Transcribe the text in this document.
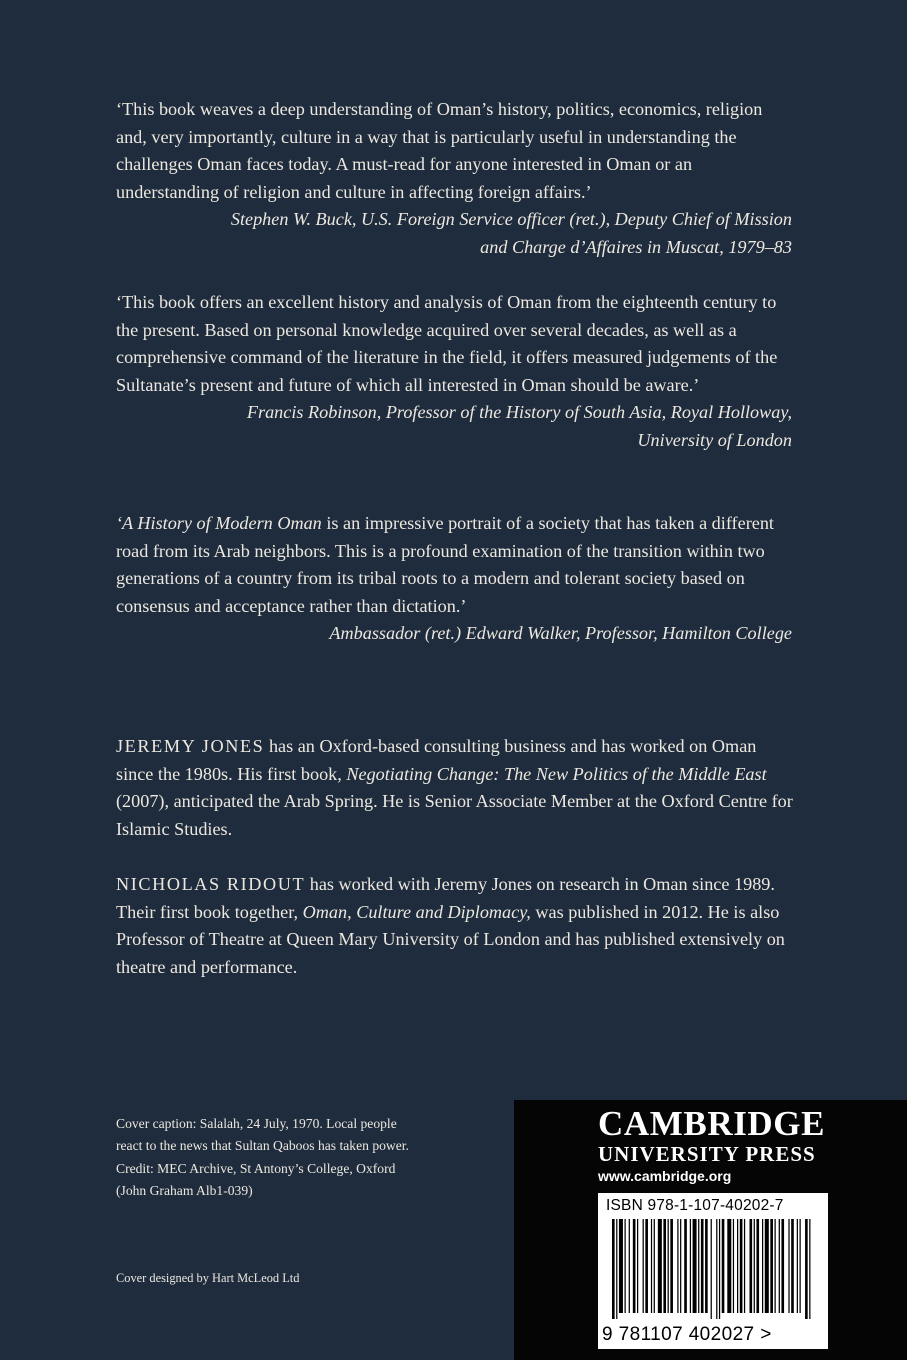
‘This book weaves a deep understanding of Oman’s history, politics, economics, religion and, very importantly, culture in a way that is particularly useful in understanding the challenges Oman faces today. A must-read for anyone interested in Oman or an understanding of religion and culture in affecting foreign affairs.’
Stephen W. Buck, U.S. Foreign Service officer (ret.), Deputy Chief of Mission
and Charge d’Affaires in Muscat, 1979–83
‘This book offers an excellent history and analysis of Oman from the eighteenth century to the present. Based on personal knowledge acquired over several decades, as well as a comprehensive command of the literature in the field, it offers measured judgements of the Sultanate’s present and future of which all interested in Oman should be aware.’
Francis Robinson, Professor of the History of South Asia, Royal Holloway,
University of London
‘A History of Modern Oman is an impressive portrait of a society that has taken a different road from its Arab neighbors. This is a profound examination of the transition within two generations of a country from its tribal roots to a modern and tolerant society based on consensus and acceptance rather than dictation.’
Ambassador (ret.) Edward Walker, Professor, Hamilton College
JEREMY JONES has an Oxford-based consulting business and has worked on Oman since the 1980s. His first book, Negotiating Change: The New Politics of the Middle East (2007), anticipated the Arab Spring. He is Senior Associate Member at the Oxford Centre for Islamic Studies.
NICHOLAS RIDOUT has worked with Jeremy Jones on research in Oman since 1989. Their first book together, Oman, Culture and Diplomacy, was published in 2012. He is also Professor of Theatre at Queen Mary University of London and has published extensively on theatre and performance.
Cover caption: Salalah, 24 July, 1970. Local people
react to the news that Sultan Qaboos has taken power.
Credit: MEC Archive, St Antony’s College, Oxford
(John Graham Alb1-039)
Cover designed by Hart McLeod Ltd
CAMBRIDGE
UNIVERSITY PRESS
www.cambridge.org
ISBN 978-1-107-40202-7
9 781107 402027 >
